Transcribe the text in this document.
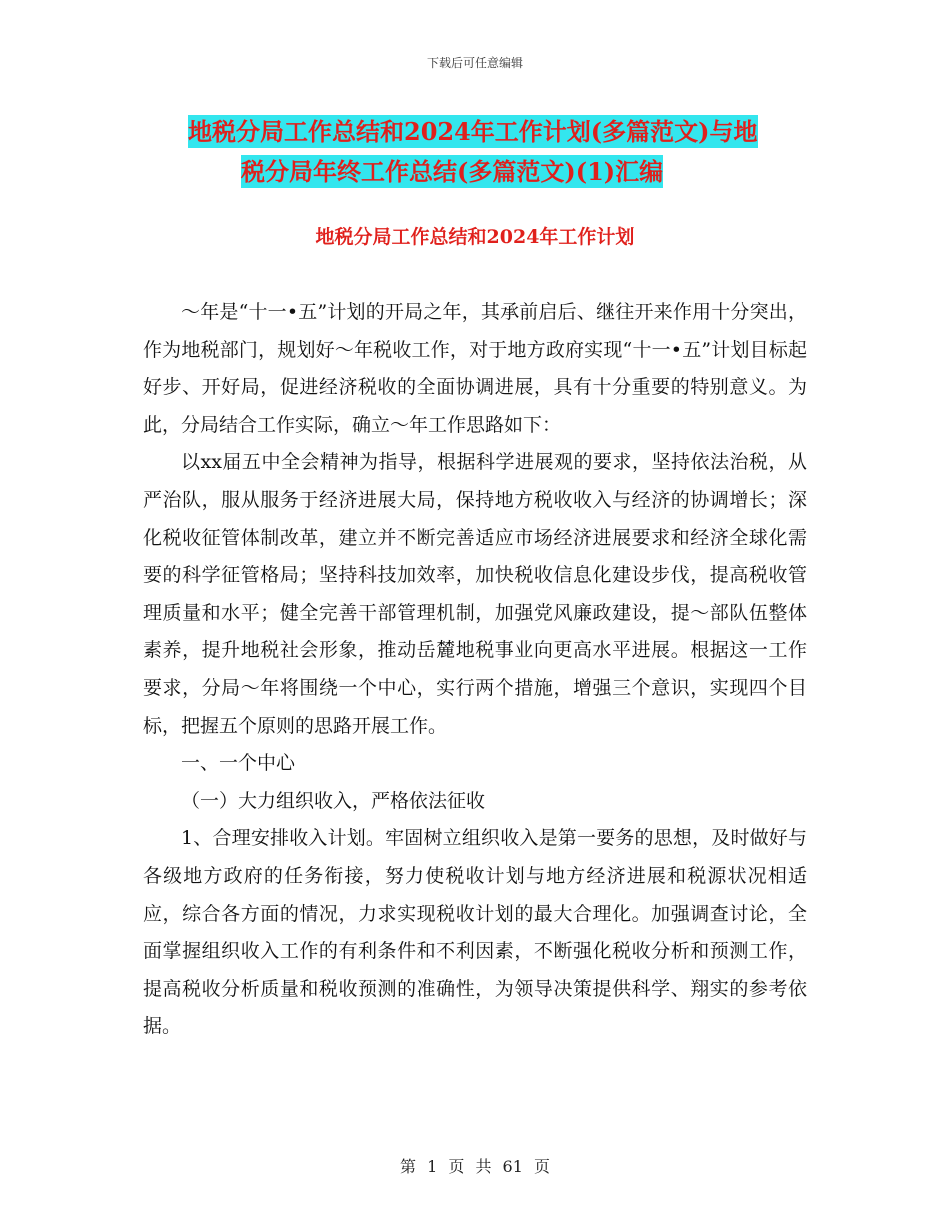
下载后可任意编辑
地税分局工作总结和2024年工作计划(多篇范文)与地
税分局年终工作总结(多篇范文)(1)汇编
地税分局工作总结和2024年工作计划

～年是“十一•五”计划的开局之年，其承前启后、继往开来作用十分突出，作为地税部门，规划好～年税收工作，对于地方政府实现“十一•五”计划目标起好步、开好局，促进经济税收的全面协调进展，具有十分重要的特别意义。为此，分局结合工作实际，确立～年工作思路如下：

以xx届五中全会精神为指导，根据科学进展观的要求，坚持依法治税，从严治队，服从服务于经济进展大局，保持地方税收收入与经济的协调增长；深化税收征管体制改革，建立并不断完善适应市场经济进展要求和经济全球化需要的科学征管格局；坚持科技加效率，加快税收信息化建设步伐，提高税收管理质量和水平；健全完善干部管理机制，加强党风廉政建设，提～部队伍整体素养，提升地税社会形象，推动岳麓地税事业向更高水平进展。根据这一工作要求，分局～年将围绕一个中心，实行两个措施，增强三个意识，实现四个目标，把握五个原则的思路开展工作。

一、一个中心

（一）大力组织收入，严格依法征收

1、合理安排收入计划。牢固树立组织收入是第一要务的思想，及时做好与各级地方政府的任务衔接，努力使税收计划与地方经济进展和税源状况相适应，综合各方面的情况，力求实现税收计划的最大合理化。加强调查讨论，全面掌握组织收入工作的有利条件和不利因素，不断强化税收分析和预测工作，提高税收分析质量和税收预测的准确性，为领导决策提供科学、翔实的参考依据。

第 1 页 共 61 页
